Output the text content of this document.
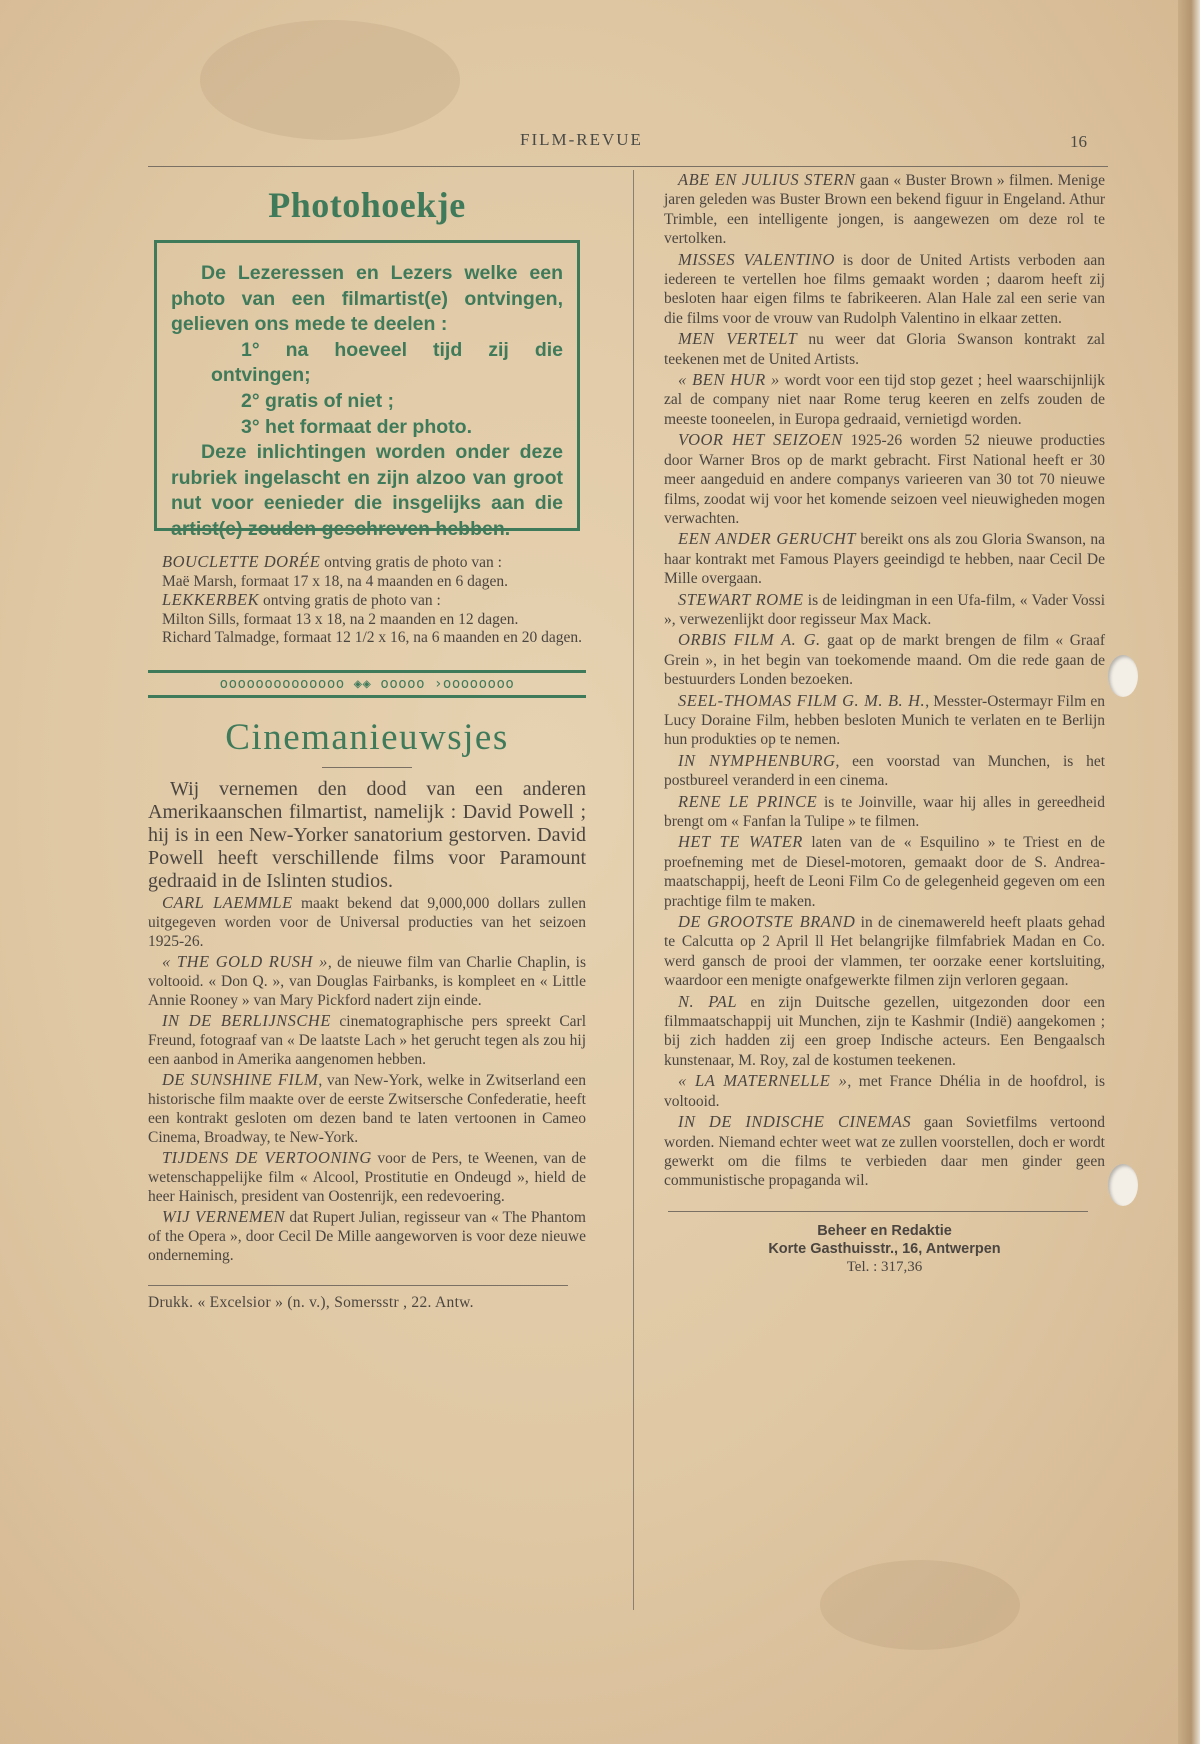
FILM-REVUE	16
Photohoekje

De Lezeressen en Lezers welke een photo van een filmartist(e) ontvingen, gelieven ons mede te deelen :

1° na hoeveel tijd zij die ontvingen;

2° gratis of niet ;

3° het formaat der photo.

Deze inlichtingen worden onder deze rubriek ingelascht en zijn alzoo van groot nut voor eenieder die insgelijks aan die artist(e) zouden geschreven hebben.

BOUCLETTE DORÉE ontving gratis de photo van :

Maë Marsh, formaat 17 x 18, na 4 maanden en 6 dagen.

LEKKERBEK ontving gratis de photo van :

Milton Sills, formaat 13 x 18, na 2 maanden en 12 dagen.

Richard Talmadge, formaat 12 1/2 x 16, na 6 maanden en 20 dagen.

oooooooooooooo ◈◈ ooooo ›oooooooo
Cinemanieuwsjes

Wij vernemen den dood van een anderen Amerikaanschen filmartist, namelijk : David Powell ; hij is in een New-Yorker sanatorium gestorven. David Powell heeft verschillende films voor Paramount gedraaid in de Islinten studios.

CARL LAEMMLE maakt bekend dat 9,000,000 dollars zullen uitgegeven worden voor de Universal producties van het seizoen 1925-26.

« THE GOLD RUSH », de nieuwe film van Charlie Chaplin, is voltooid. « Don Q. », van Douglas Fairbanks, is kompleet en « Little Annie Rooney » van Mary Pickford nadert zijn einde.

IN DE BERLIJNSCHE cinematographische pers spreekt Carl Freund, fotograaf van « De laatste Lach » het gerucht tegen als zou hij een aanbod in Amerika aangenomen hebben.

DE SUNSHINE FILM, van New-York, welke in Zwitserland een historische film maakte over de eerste Zwitsersche Confederatie, heeft een kontrakt gesloten om dezen band te laten vertoonen in Cameo Cinema, Broadway, te New-York.

TIJDENS DE VERTOONING voor de Pers, te Weenen, van de wetenschappelijke film « Alcool, Prostitutie en Ondeugd », hield de heer Hainisch, president van Oostenrijk, een redevoering.

WIJ VERNEMEN dat Rupert Julian, regisseur van « The Phantom of the Opera », door Cecil De Mille aangeworven is voor deze nieuwe onderneming.

Drukk. « Excelsior » (n. v.), Somersstr , 22. Antw.

ABE EN JULIUS STERN gaan « Buster Brown » filmen. Menige jaren geleden was Buster Brown een bekend figuur in Engeland. Athur Trimble, een intelligente jongen, is aangewezen om deze rol te vertolken.

MISSES VALENTINO is door de United Artists verboden aan iedereen te vertellen hoe films gemaakt worden ; daarom heeft zij besloten haar eigen films te fabrikeeren. Alan Hale zal een serie van die films voor de vrouw van Rudolph Valentino in elkaar zetten.

MEN VERTELT nu weer dat Gloria Swanson kontrakt zal teekenen met de United Artists.

« BEN HUR » wordt voor een tijd stop gezet ; heel waarschijnlijk zal de company niet naar Rome terug keeren en zelfs zouden de meeste tooneelen, in Europa gedraaid, vernietigd worden.

VOOR HET SEIZOEN 1925-26 worden 52 nieuwe producties door Warner Bros op de markt gebracht. First National heeft er 30 meer aangeduid en andere companys varieeren van 30 tot 70 nieuwe films, zoodat wij voor het komende seizoen veel nieuwigheden mogen verwachten.

EEN ANDER GERUCHT bereikt ons als zou Gloria Swanson, na haar kontrakt met Famous Players geeindigd te hebben, naar Cecil De Mille overgaan.

STEWART ROME is de leidingman in een Ufa-film, « Vader Vossi », verwezenlijkt door regisseur Max Mack.

ORBIS FILM A. G. gaat op de markt brengen de film « Graaf Grein », in het begin van toekomende maand. Om die rede gaan de bestuurders Londen bezoeken.

SEEL-THOMAS FILM G. M. B. H., Messter-Ostermayr Film en Lucy Doraine Film, hebben besloten Munich te verlaten en te Berlijn hun produkties op te nemen.

IN NYMPHENBURG, een voorstad van Munchen, is het postbureel veranderd in een cinema.

RENE LE PRINCE is te Joinville, waar hij alles in gereedheid brengt om « Fanfan la Tulipe » te filmen.

HET TE WATER laten van de « Esquilino » te Triest en de proefneming met de Diesel-motoren, gemaakt door de S. Andrea-maatschappij, heeft de Leoni Film Co de gelegenheid gegeven om een prachtige film te maken.

DE GROOTSTE BRAND in de cinemawereld heeft plaats gehad te Calcutta op 2 April ll Het belangrijke filmfabriek Madan en Co. werd gansch de prooi der vlammen, ter oorzake eener kortsluiting, waardoor een menigte onafgewerkte filmen zijn verloren gegaan.

N. PAL en zijn Duitsche gezellen, uitgezonden door een filmmaatschappij uit Munchen, zijn te Kashmir (Indië) aangekomen ; bij zich hadden zij een groep Indische acteurs. Een Bengaalsch kunstenaar, M. Roy, zal de kostumen teekenen.

« LA MATERNELLE », met France Dhélia in de hoofdrol, is voltooid.

IN DE INDISCHE CINEMAS gaan Sovietfilms vertoond worden. Niemand echter weet wat ze zullen voorstellen, doch er wordt gewerkt om die films te verbieden daar men ginder geen communistische propaganda wil.

Beheer en Redaktie
Korte Gasthuisstr., 16, Antwerpen
Tel. : 317,36
